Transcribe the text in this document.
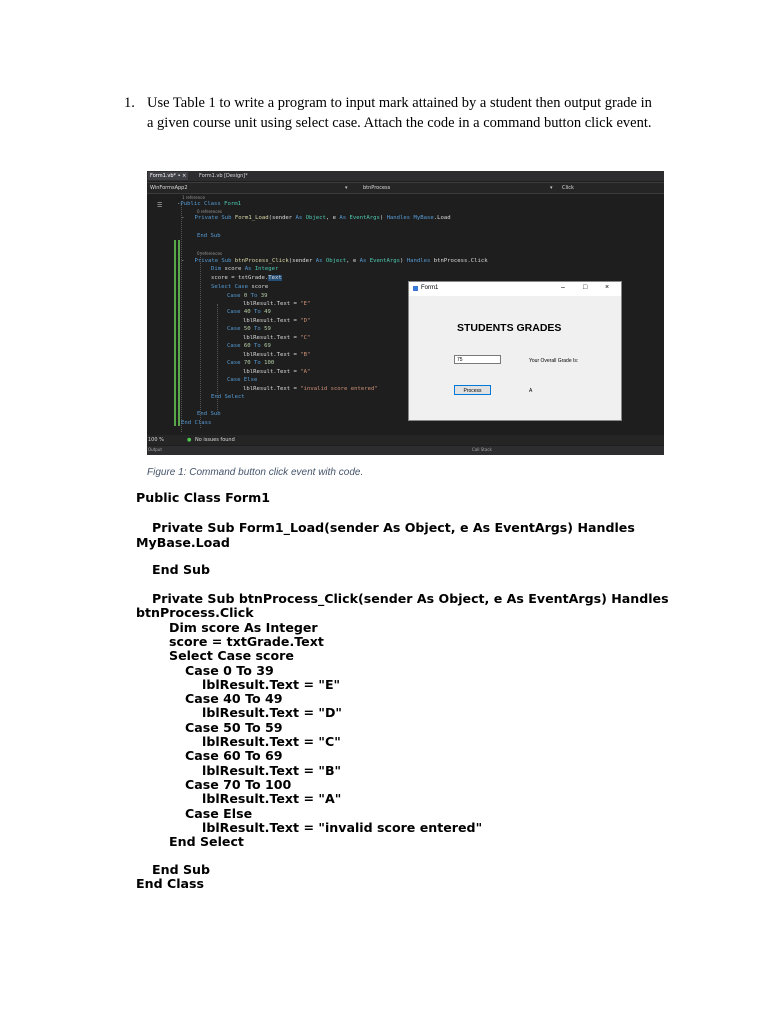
1. Use Table 1 to write a program to input mark attained by a student then output grade in
a given course unit using select case. Attach the code in a command button click event.
Form1.vb* • ×	Form1.vb [Design]*
WinFormsApp2	▾	btnProcess	▾ Click
☰
1 reference
-Public Class Form1
0 references
-   Private Sub Form1_Load(sender As Object, e As EventArgs) Handles MyBase.Load
End Sub
0 references
-   Private Sub btnProcess_Click(sender As Object, e As EventArgs) Handles btnProcess.Click
Dim score As Integer
score = txtGrade.Text
Select Case score
Case 0 To 39
lblResult.Text = "E"
Case 40 To 49
lblResult.Text = "D"
Case 50 To 59
lblResult.Text = "C"
Case 60 To 69
lblResult.Text = "B"
Case 70 To 100
lblResult.Text = "A"
Case Else
lblResult.Text = "invalid score entered"
End Select
End Sub
End Class
Form1	–	□	×
STUDENTS GRADES
75	Your Overall Grade Is:
Process	A
100 %	● No issues found
Output	Call Stack
Figure 1: Command button click event with code.
Public Class Form1
Private Sub Form1_Load(sender As Object, e As EventArgs) Handles
MyBase.Load
End Sub
Private Sub btnProcess_Click(sender As Object, e As EventArgs) Handles
btnProcess.Click
Dim score As Integer
score = txtGrade.Text
Select Case score
Case 0 To 39
lblResult.Text = "E"
Case 40 To 49
lblResult.Text = "D"
Case 50 To 59
lblResult.Text = "C"
Case 60 To 69
lblResult.Text = "B"
Case 70 To 100
lblResult.Text = "A"
Case Else
lblResult.Text = "invalid score entered"
End Select
End Sub
End Class
